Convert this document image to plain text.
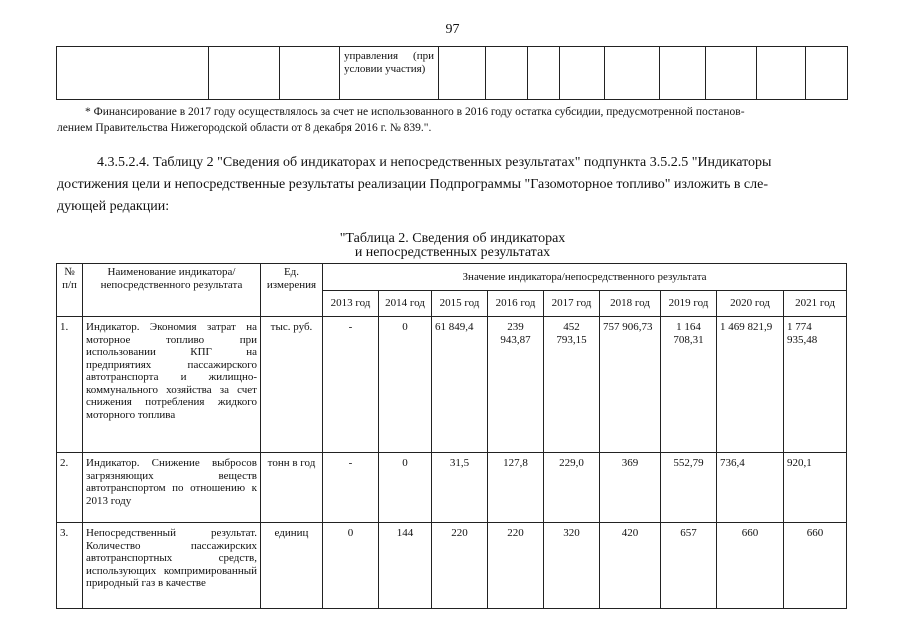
97
			управления (при условии участия)									
* Финансирование в 2017 году осуществлялось за счет не использованного в 2016 году остатка субсидии, предусмотренной постанов-
лением Правительства Нижегородской области от 8 декабря 2016 г. № 839.".
4.3.5.2.4. Таблицу 2 "Сведения об индикаторах и непосредственных результатах" подпункта 3.5.2.5 "Индикаторы
достижения цели и непосредственные результаты реализации Подпрограммы "Газомоторное топливо" изложить в сле-
дующей редакции:
"Таблица 2. Сведения об индикаторах
и непосредственных результатах
№ п/п	Наименование индикатора/непосредственного результата	Ед. измерения	Значение индикатора/непосредственного результата								
			2013 год	2014 год	2015 год	2016 год	2017 год	2018 год	2019 год	2020 год	2021 год
1.	Индикатор. Экономия затрат на моторное топливо при использовании КПГ на предприятиях пассажирского автотранспорта и жилищно-коммунального хозяйства за счет снижения потребления жидкого моторного топлива	тыс. руб.	-	0	61 849,4	239 943,87	452 793,15	757 906,73	1 164 708,31	1 469 821,9	1 774 935,48
2.	Индикатор. Снижение выбросов загрязняющих веществ автотранспортом по отношению к 2013 году	тонн в год	-	0	31,5	127,8	229,0	369	552,79	736,4	920,1
3.	Непосредственный результат. Количество пассажирских автотранспортных средств, использующих компримированный природный газ в качестве	единиц	0	144	220	220	320	420	657	660	660
